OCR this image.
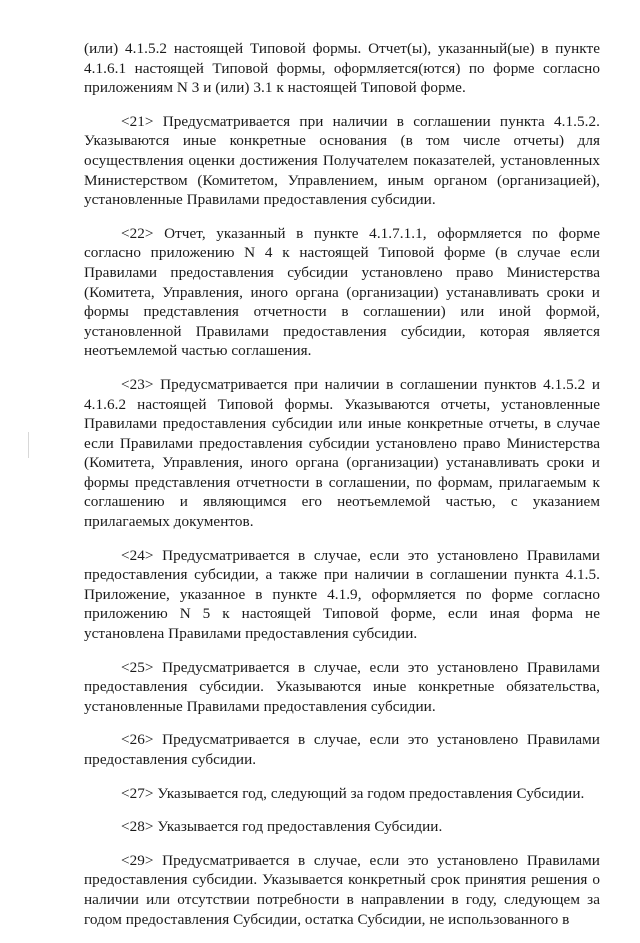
(или) 4.1.5.2 настоящей Типовой формы. Отчет(ы), указанный(ые) в пункте 4.1.6.1 настоящей Типовой формы, оформляется(ются) по форме согласно приложениям N 3 и (или) 3.1 к настоящей Типовой форме.

<21> Предусматривается при наличии в соглашении пункта 4.1.5.2. Указываются иные конкретные основания (в том числе отчеты) для осуществления оценки достижения Получателем показателей, установленных Министерством (Комитетом, Управлением, иным органом (организацией), установленные Правилами предоставления субсидии.

<22> Отчет, указанный в пункте 4.1.7.1.1, оформляется по форме согласно приложению N 4 к настоящей Типовой форме (в случае если Правилами предоставления субсидии установлено право Министерства (Комитета, Управления, иного органа (организации) устанавливать сроки и формы представления отчетности в соглашении) или иной формой, установленной Правилами предоставления субсидии, которая является неотъемлемой частью соглашения.

<23> Предусматривается при наличии в соглашении пунктов 4.1.5.2 и 4.1.6.2 настоящей Типовой формы. Указываются отчеты, установленные Правилами предоставления субсидии или иные конкретные отчеты, в случае если Правилами предоставления субсидии установлено право Министерства (Комитета, Управления, иного органа (организации) устанавливать сроки и формы представления отчетности в соглашении, по формам, прилагаемым к соглашению и являющимся его неотъемлемой частью, с указанием прилагаемых документов.

<24> Предусматривается в случае, если это установлено Правилами предоставления субсидии, а также при наличии в соглашении пункта 4.1.5. Приложение, указанное в пункте 4.1.9, оформляется по форме согласно приложению N 5 к настоящей Типовой форме, если иная форма не установлена Правилами предоставления субсидии.

<25> Предусматривается в случае, если это установлено Правилами предоставления субсидии. Указываются иные конкретные обязательства, установленные Правилами предоставления субсидии.

<26> Предусматривается в случае, если это установлено Правилами предоставления субсидии.

<27> Указывается год, следующий за годом предоставления Субсидии.

<28> Указывается год предоставления Субсидии.

<29> Предусматривается в случае, если это установлено Правилами предоставления субсидии. Указывается конкретный срок принятия решения о наличии или отсутствии потребности в направлении в году, следующем за годом предоставления Субсидии, остатка Субсидии, не использованного в
